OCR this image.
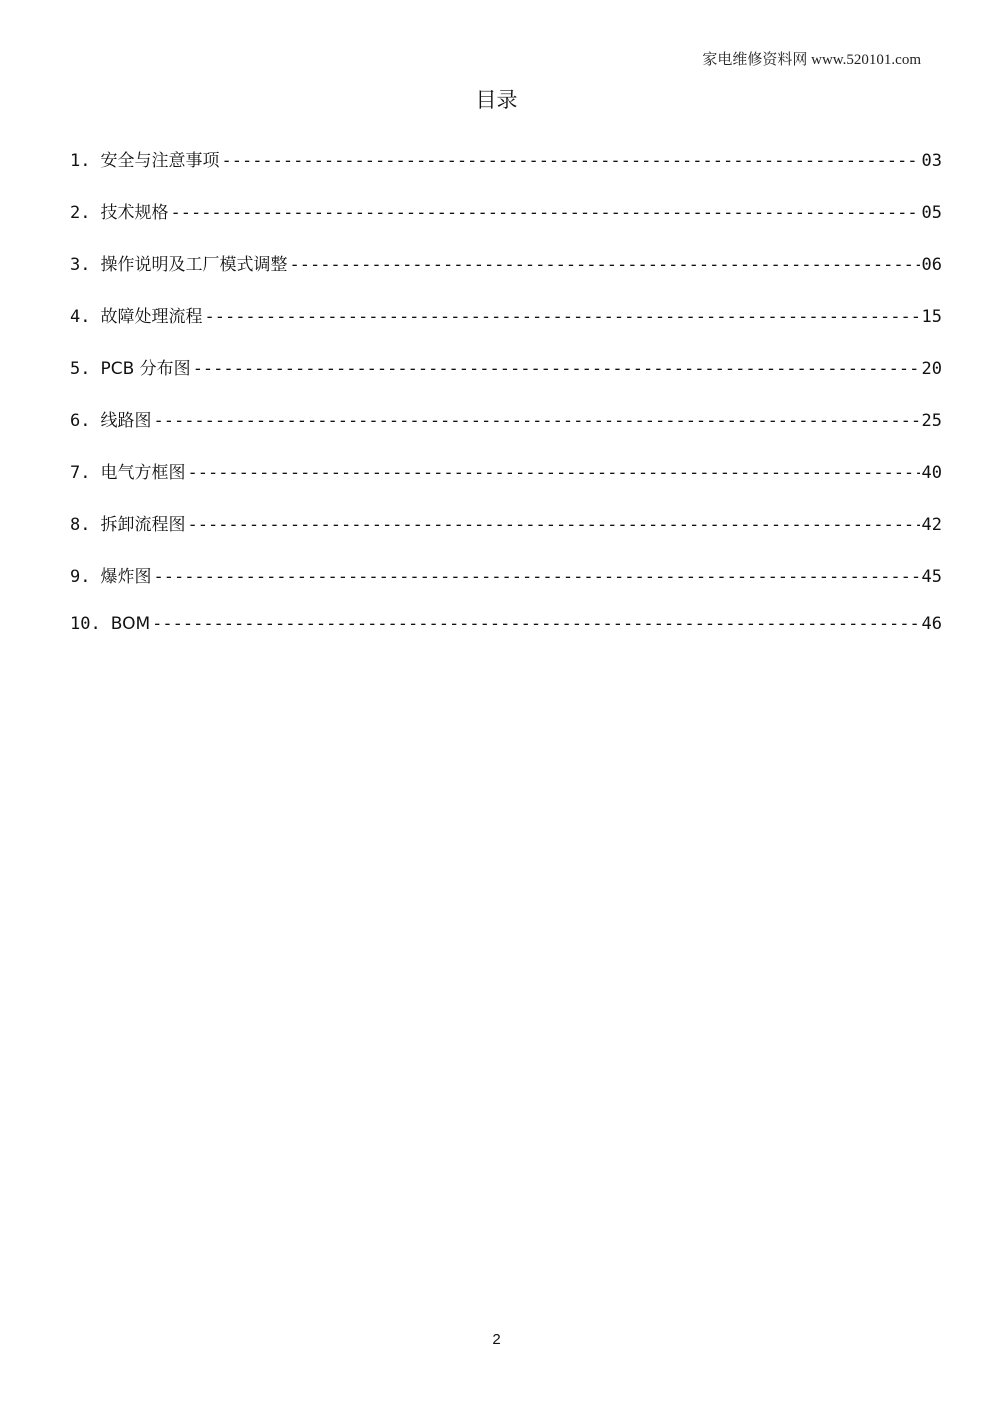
家电维修资料网 www.520101.com
目录
1. 安全与注意事项 -----	03
2. 技术规格 -----	05
3. 操作说明及工厂模式调整 -----	06
4. 故障处理流程 -----	15
5. PCB 分布图 -----	20
6. 线路图 -----	25
7. 电气方框图 -----	40
8. 拆卸流程图 -----	42
9. 爆炸图 -----	45
10. BOM -----	46
2
